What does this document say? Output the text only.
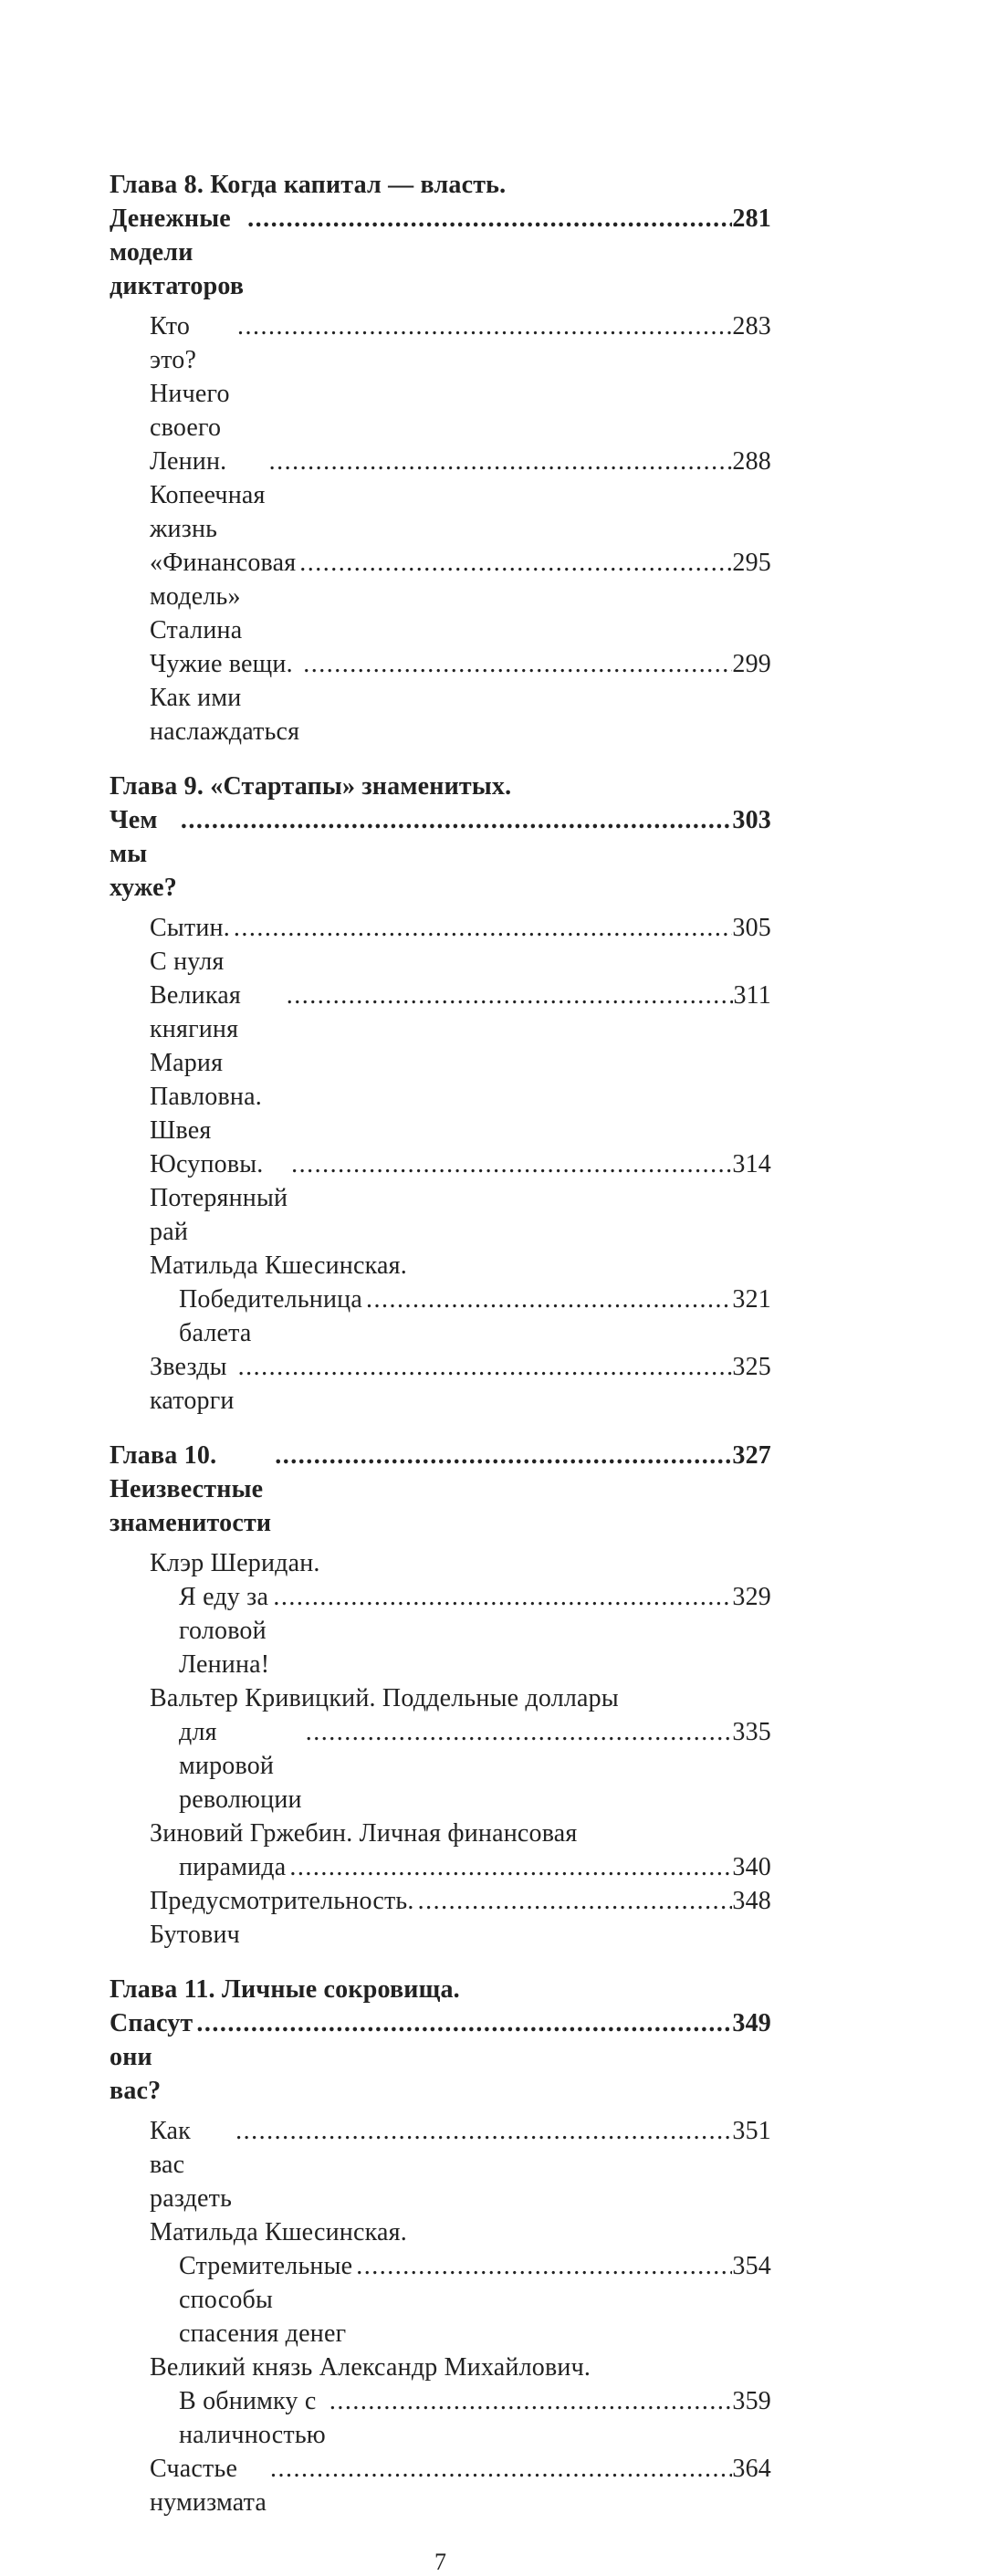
Глава 8. Когда капитал — власть.
Денежные модели диктаторов
.....
281
Кто это? Ничего своего
.....
283
Ленин. Копеечная жизнь
.....
288
«Финансовая модель» Сталина
.....
295
Чужие вещи. Как ими наслаждаться
.....
299
Глава 9. «Стартапы» знаменитых.
Чем мы хуже?
.....
303
Сытин. С нуля
.....
305
Великая княгиня Мария Павловна. Швея
.....
311
Юсуповы. Потерянный рай
.....
314
Матильда Кшесинская.
Победительница балета
.....
321
Звезды каторги
.....
325
Глава 10. Неизвестные знаменитости
.....
327
Клэр Шеридан.
Я еду за головой Ленина!
.....
329
Вальтер Кривицкий. Поддельные доллары
для мировой революции
.....
335
Зиновий Гржебин. Личная финансовая
пирамида .....	340
Предусмотрительность. Бутович
.....
348
Глава 11. Личные сокровища.
Спасут они вас?
.....
349
Как вас раздеть
.....
351
Матильда Кшесинская.
Стремительные способы спасения денег
.....
354
Великий князь Александр Михайлович.
В обнимку с наличностью
.....
359
Счастье нумизмата
.....
364
7
